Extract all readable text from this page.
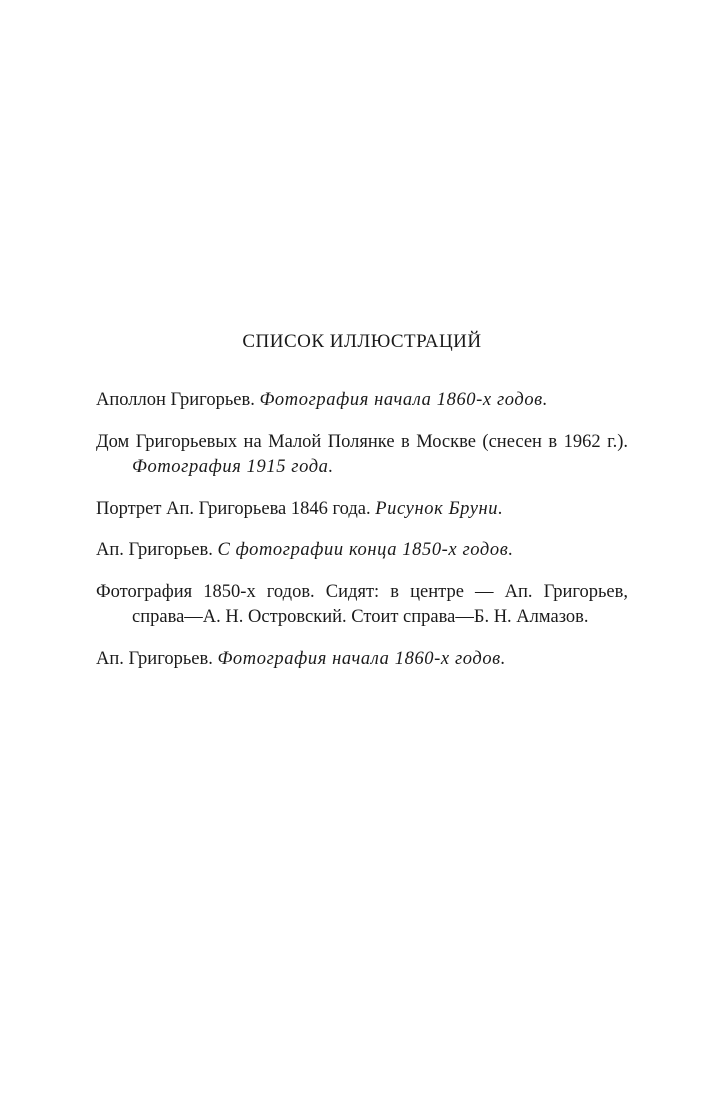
СПИСОК ИЛЛЮСТРАЦИЙ
Аполлон Григорьев. Фотография начала 1860-х годов.
Дом Григорьевых на Малой Полянке в Москве (снесен в 1962 г.). Фотография 1915 года.
Портрет Ап. Григорьева 1846 года. Рисунок Бруни.
Ап. Григорьев. С фотографии конца 1850-х годов.
Фотография 1850-х годов. Сидят: в центре — Ап. Григорьев, справа—А. Н. Островский. Стоит справа—Б. Н. Алмазов.
Ап. Григорьев. Фотография начала 1860-х годов.
